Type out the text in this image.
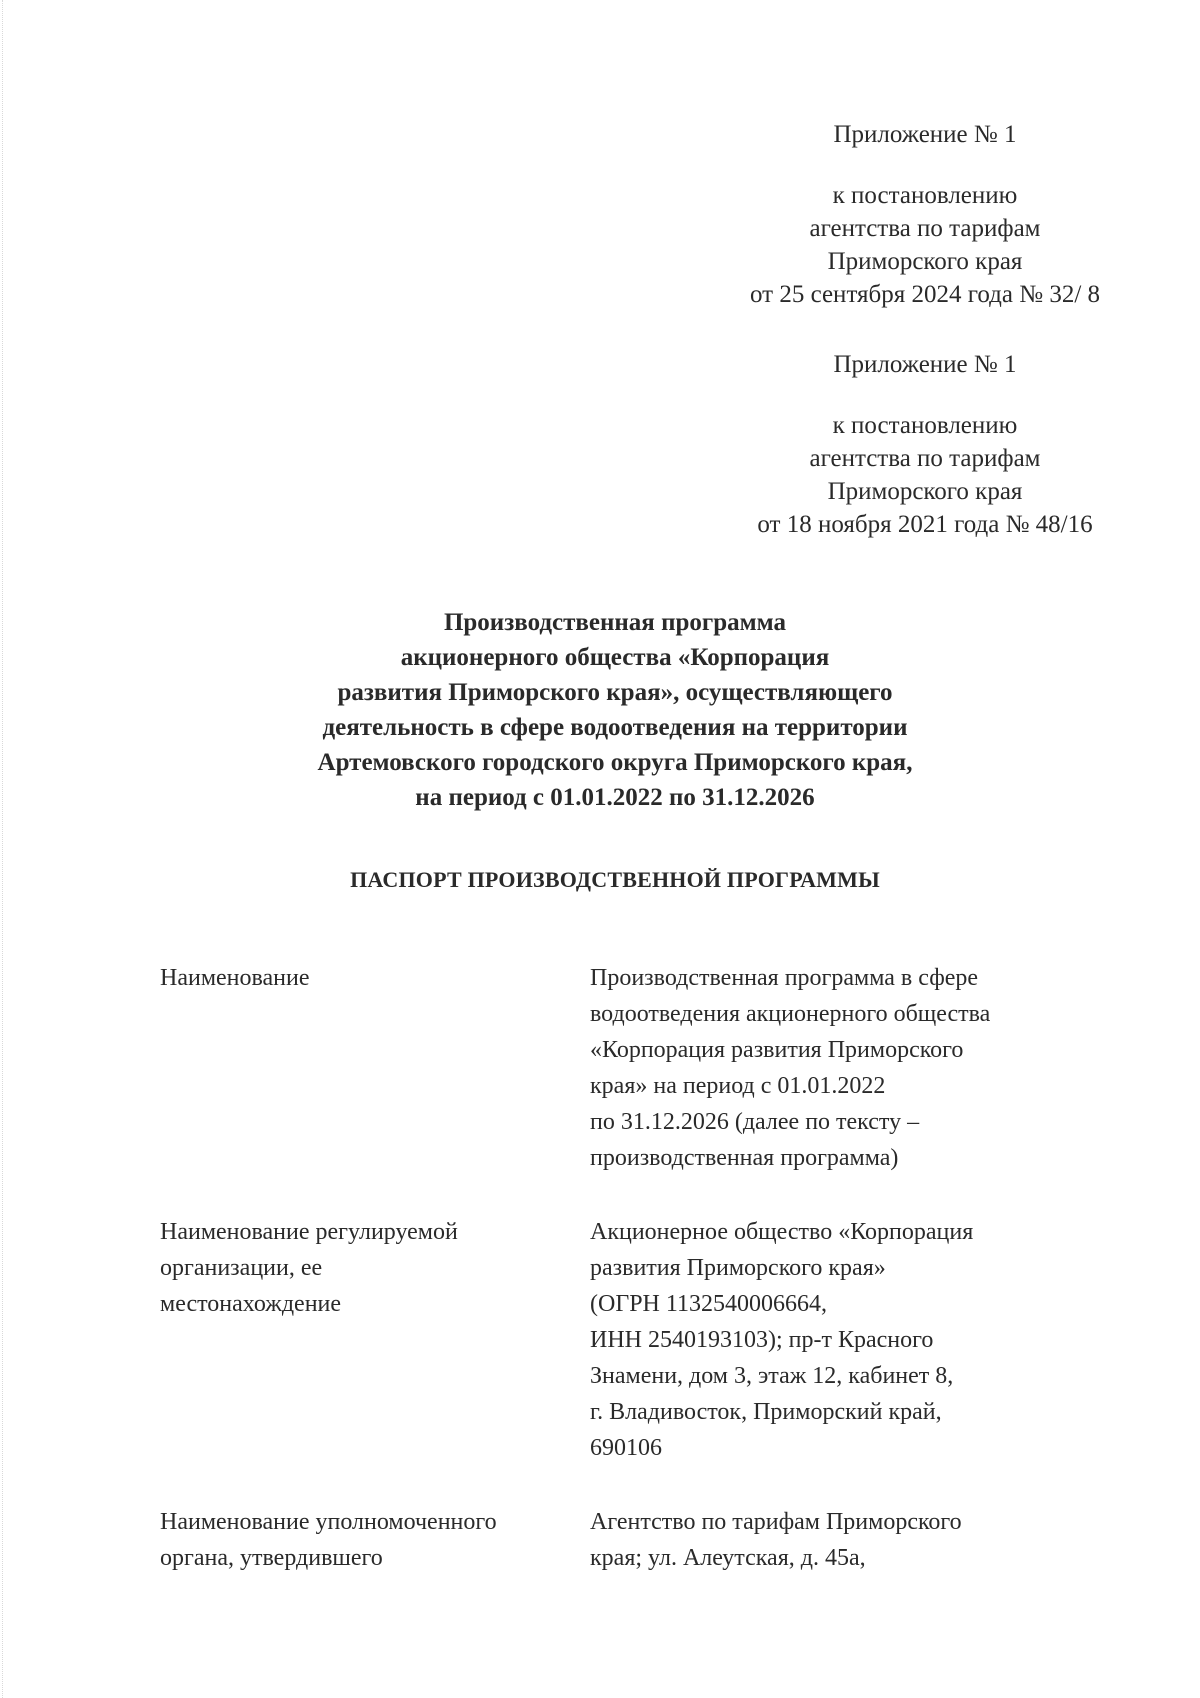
Приложение № 1
к постановлению
агентства по тарифам
Приморского края
от 25 сентября 2024 года № 32/ 8
Приложение № 1
к постановлению
агентства по тарифам
Приморского края
от 18 ноября 2021 года № 48/16
Производственная программа
акционерного общества «Корпорация
развития Приморского края», осуществляющего
деятельность в сфере водоотведения на территории
Артемовского городского округа Приморского края,
на период с 01.01.2022 по 31.12.2026
ПАСПОРТ ПРОИЗВОДСТВЕННОЙ ПРОГРАММЫ
Наименование	Производственная программа в сфере
водоотведения акционерного общества
«Корпорация развития Приморского
края» на период с 01.01.2022
по 31.12.2026 (далее по тексту –
производственная программа)
Наименование регулируемой
организации, ее
местонахождение
Акционерное общество «Корпорация
развития Приморского края»
(ОГРН 1132540006664,
ИНН 2540193103); пр-т Красного
Знамени, дом 3, этаж 12, кабинет 8,
г. Владивосток, Приморский край,
690106
Наименование уполномоченного
органа, утвердившего
Агентство по тарифам Приморского
края; ул. Алеутская, д. 45а,
